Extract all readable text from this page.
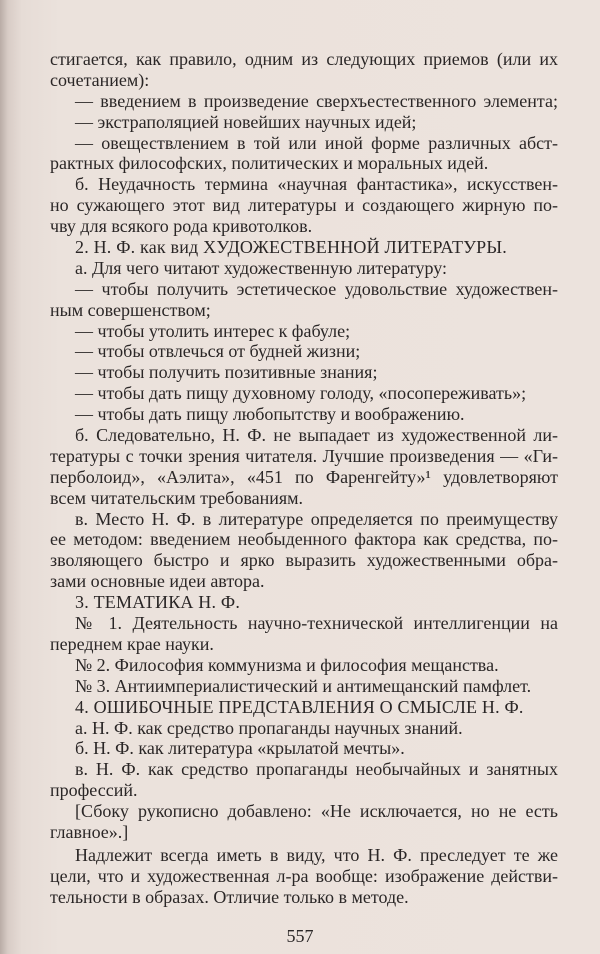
стигается, как правило, одним из следующих приемов (или их
сочетанием):
— введением в произведение сверхъестественного элемента;
— экстраполяцией новейших научных идей;
— овеществлением в той или иной форме различных абст-
рактных философских, политических и моральных идей.
б. Неудачность термина «научная фантастика», искусствен-
но сужающего этот вид литературы и создающего жирную по-
чву для всякого рода кривотолков.
2. Н. Ф. как вид ХУДОЖЕСТВЕННОЙ ЛИТЕРАТУРЫ.
а. Для чего читают художественную литературу:
— чтобы получить эстетическое удовольствие художествен-
ным совершенством;
— чтобы утолить интерес к фабуле;
— чтобы отвлечься от будней жизни;
— чтобы получить позитивные знания;
— чтобы дать пищу духовному голоду, «посопереживать»;
— чтобы дать пищу любопытству и воображению.
б. Следовательно, Н. Ф. не выпадает из художественной ли-
тературы с точки зрения читателя. Лучшие произведения — «Ги-
перболоид», «Аэлита», «451 по Фаренгейту»¹ удовлетворяют
всем читательским требованиям.
в. Место Н. Ф. в литературе определяется по преимуществу
ее методом: введением необыденного фактора как средства, по-
зволяющего быстро и ярко выразить художественными обра-
зами основные идеи автора.
3. ТЕМАТИКА Н. Ф.
№ 1. Деятельность научно-технической интеллигенции на
переднем крае науки.
№ 2. Философия коммунизма и философия мещанства.
№ 3. Антиимпериалистический и антимещанский памфлет.
4. ОШИБОЧНЫЕ ПРЕДСТАВЛЕНИЯ О СМЫСЛЕ Н. Ф.
а. Н. Ф. как средство пропаганды научных знаний.
б. Н. Ф. как литература «крылатой мечты».
в. Н. Ф. как средство пропаганды необычайных и занятных
профессий.
[Сбоку рукописно добавлено: «Не исключается, но не есть
главное».]
Надлежит всегда иметь в виду, что Н. Ф. преследует те же
цели, что и художественная л-ра вообще: изображение действи-
тельности в образах. Отличие только в методе.
557
